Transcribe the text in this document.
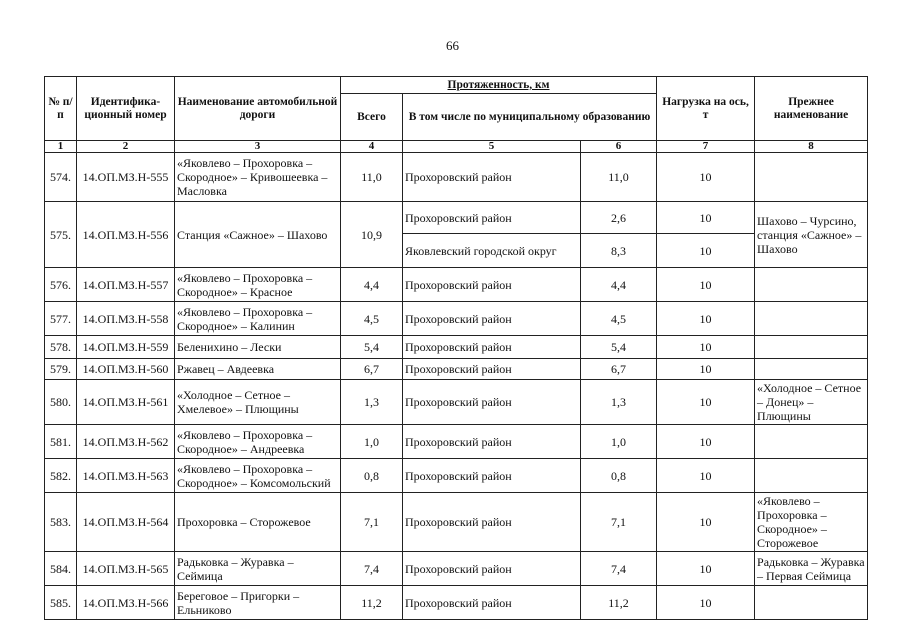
66
№ п/п	Идентифика-ционный номер	Наименование автомобильной дороги	Протяженность, км			Нагрузка на ось, т	Прежнее наименование
			Всего	В том числе по муниципальному образованию			
1	2	3	4	5	6	7	8
574.	14.ОП.МЗ.Н-555	«Яковлево – Прохоровка – Скородное» – Кривошеевка – Масловка	11,0	Прохоровский район	11,0	10	
575.	14.ОП.МЗ.Н-556	Станция «Сажное» – Шахово	10,9	Прохоровский район	2,6	10	Шахово – Чурсино, станция «Сажное» – Шахово
				Яковлевский городской округ	8,3	10	
576.	14.ОП.МЗ.Н-557	«Яковлево – Прохоровка – Скородное» – Красное	4,4	Прохоровский район	4,4	10	
577.	14.ОП.МЗ.Н-558	«Яковлево – Прохоровка – Скородное» – Калинин	4,5	Прохоровский район	4,5	10	
578.	14.ОП.МЗ.Н-559	Беленихино – Лески	5,4	Прохоровский район	5,4	10	
579.	14.ОП.МЗ.Н-560	Ржавец – Авдеевка	6,7	Прохоровский район	6,7	10	
580.	14.ОП.МЗ.Н-561	«Холодное – Сетное – Хмелевое» – Плющины	1,3	Прохоровский район	1,3	10	«Холодное – Сетное – Донец» – Плющины
581.	14.ОП.МЗ.Н-562	«Яковлево – Прохоровка – Скородное» – Андреевка	1,0	Прохоровский район	1,0	10	
582.	14.ОП.МЗ.Н-563	«Яковлево – Прохоровка – Скородное» – Комсомольский	0,8	Прохоровский район	0,8	10	
583.	14.ОП.МЗ.Н-564	Прохоровка – Сторожевое	7,1	Прохоровский район	7,1	10	«Яковлево – Прохоровка – Скородное» – Сторожевое
584.	14.ОП.МЗ.Н-565	Радьковка – Журавка – Сеймица	7,4	Прохоровский район	7,4	10	Радьковка – Журавка – Первая Сеймица
585.	14.ОП.МЗ.Н-566	Береговое – Пригорки – Ельниково	11,2	Прохоровский район	11,2	10	
